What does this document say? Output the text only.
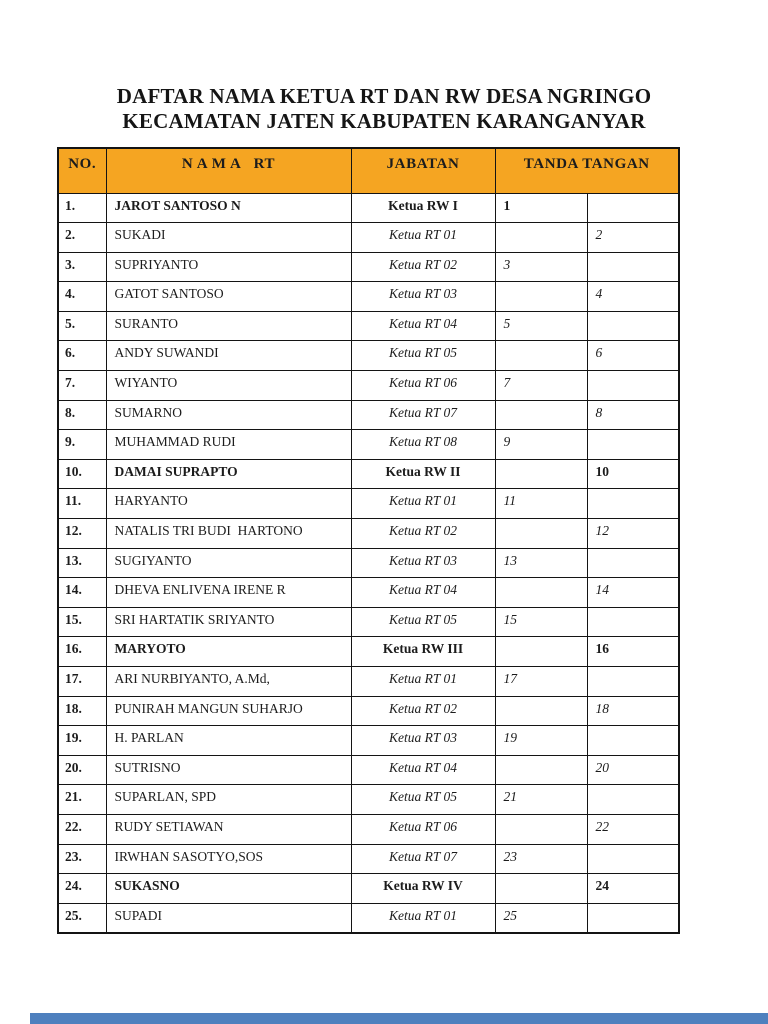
DAFTAR NAMA KETUA RT DAN RW DESA NGRINGO
KECAMATAN JATEN KABUPATEN KARANGANYAR
NO.	N A M A   RT	JABATAN	TANDA TANGAN	
1.	JAROT SANTOSO N	Ketua RW I	1	
2.	SUKADI	Ketua RT 01		2
3.	SUPRIYANTO	Ketua RT 02	3	
4.	GATOT SANTOSO	Ketua RT 03		4
5.	SURANTO	Ketua RT 04	5	
6.	ANDY SUWANDI	Ketua RT 05		6
7.	WIYANTO	Ketua RT 06	7	
8.	SUMARNO	Ketua RT 07		8
9.	MUHAMMAD RUDI	Ketua RT 08	9	
10.	DAMAI SUPRAPTO	Ketua RW II		10
11.	HARYANTO	Ketua RT 01	11	
12.	NATALIS TRI BUDI  HARTONO	Ketua RT 02		12
13.	SUGIYANTO	Ketua RT 03	13	
14.	DHEVA ENLIVENA IRENE R	Ketua RT 04		14
15.	SRI HARTATIK SRIYANTO	Ketua RT 05	15	
16.	MARYOTO	Ketua RW III		16
17.	ARI NURBIYANTO, A.Md,	Ketua RT 01	17	
18.	PUNIRAH MANGUN SUHARJO	Ketua RT 02		18
19.	H. PARLAN	Ketua RT 03	19	
20.	SUTRISNO	Ketua RT 04		20
21.	SUPARLAN, SPD	Ketua RT 05	21	
22.	RUDY SETIAWAN	Ketua RT 06		22
23.	IRWHAN SASOTYO,SOS	Ketua RT 07	23	
24.	SUKASNO	Ketua RW IV		24
25.	SUPADI	Ketua RT 01	25	
